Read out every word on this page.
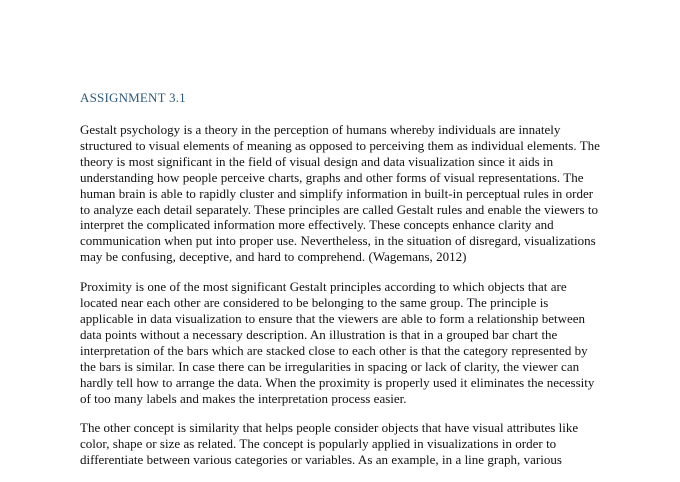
ASSIGNMENT 3.1

Gestalt psychology is a theory in the perception of humans whereby individuals are innately structured to visual elements of meaning as opposed to perceiving them as individual elements. The theory is most significant in the field of visual design and data visualization since it aids in understanding how people perceive charts, graphs and other forms of visual representations. The human brain is able to rapidly cluster and simplify information in built-in perceptual rules in order to analyze each detail separately. These principles are called Gestalt rules and enable the viewers to interpret the complicated information more effectively. These concepts enhance clarity and communication when put into proper use. Nevertheless, in the situation of disregard, visualizations may be confusing, deceptive, and hard to comprehend. (Wagemans, 2012)

Proximity is one of the most significant Gestalt principles according to which objects that are located near each other are considered to be belonging to the same group. The principle is applicable in data visualization to ensure that the viewers are able to form a relationship between data points without a necessary description. An illustration is that in a grouped bar chart the interpretation of the bars which are stacked close to each other is that the category represented by the bars is similar. In case there can be irregularities in spacing or lack of clarity, the viewer can hardly tell how to arrange the data. When the proximity is properly used it eliminates the necessity of too many labels and makes the interpretation process easier.

The other concept is similarity that helps people consider objects that have visual attributes like color, shape or size as related. The concept is popularly applied in visualizations in order to differentiate between various categories or variables. As an example, in a line graph, various
